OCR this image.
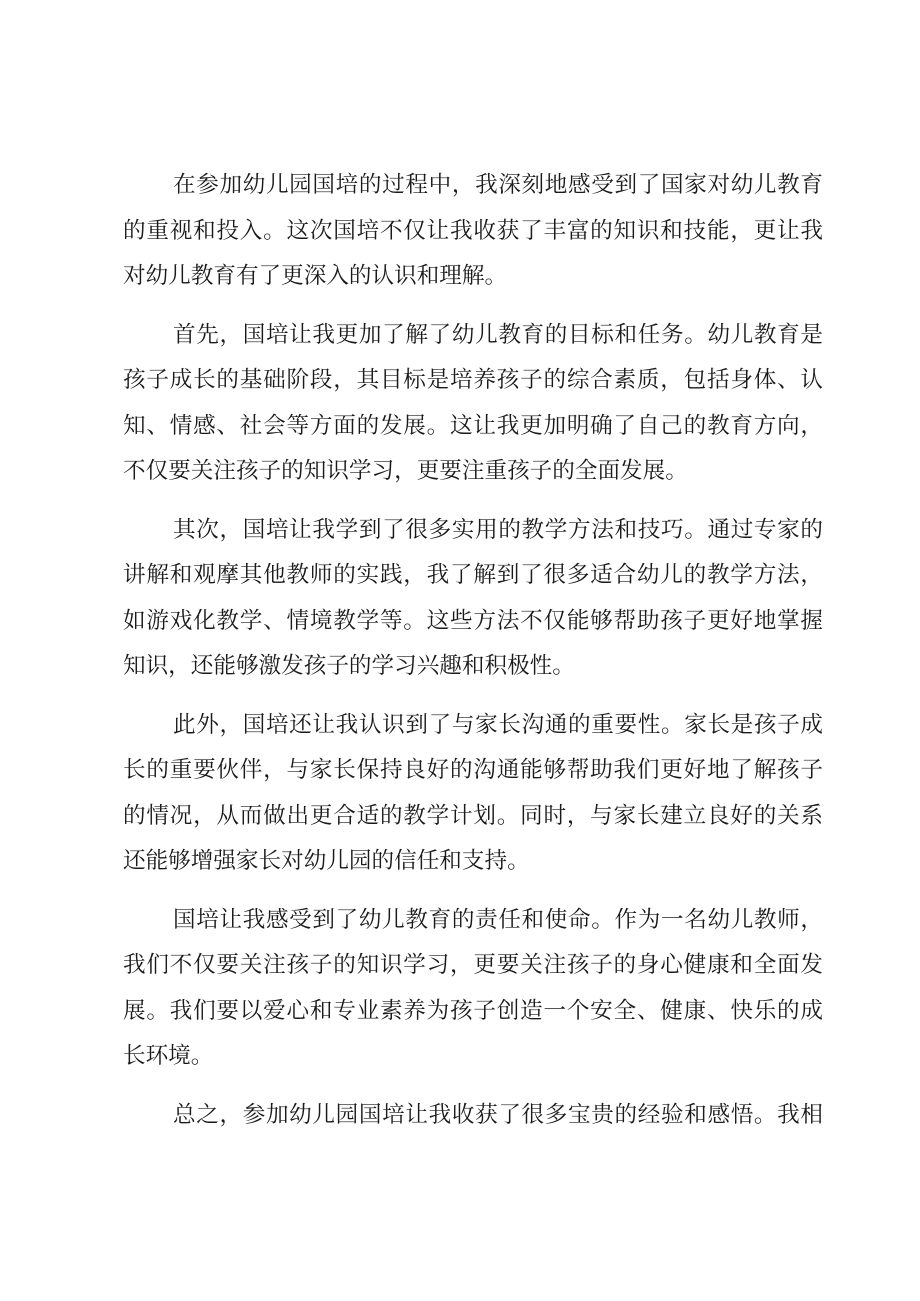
在参加幼儿园国培的过程中，我深刻地感受到了国家对幼儿教育
的重视和投入。这次国培不仅让我收获了丰富的知识和技能，更让我
对幼儿教育有了更深入的认识和理解。
首先，国培让我更加了解了幼儿教育的目标和任务。幼儿教育是
孩子成长的基础阶段，其目标是培养孩子的综合素质，包括身体、认
知、情感、社会等方面的发展。这让我更加明确了自己的教育方向，
不仅要关注孩子的知识学习，更要注重孩子的全面发展。
其次，国培让我学到了很多实用的教学方法和技巧。通过专家的
讲解和观摩其他教师的实践，我了解到了很多适合幼儿的教学方法，
如游戏化教学、情境教学等。这些方法不仅能够帮助孩子更好地掌握
知识，还能够激发孩子的学习兴趣和积极性。
此外，国培还让我认识到了与家长沟通的重要性。家长是孩子成
长的重要伙伴，与家长保持良好的沟通能够帮助我们更好地了解孩子
的情况，从而做出更合适的教学计划。同时，与家长建立良好的关系
还能够增强家长对幼儿园的信任和支持。
国培让我感受到了幼儿教育的责任和使命。作为一名幼儿教师，
我们不仅要关注孩子的知识学习，更要关注孩子的身心健康和全面发
展。我们要以爱心和专业素养为孩子创造一个安全、健康、快乐的成
长环境。
总之，参加幼儿园国培让我收获了很多宝贵的经验和感悟。我相
